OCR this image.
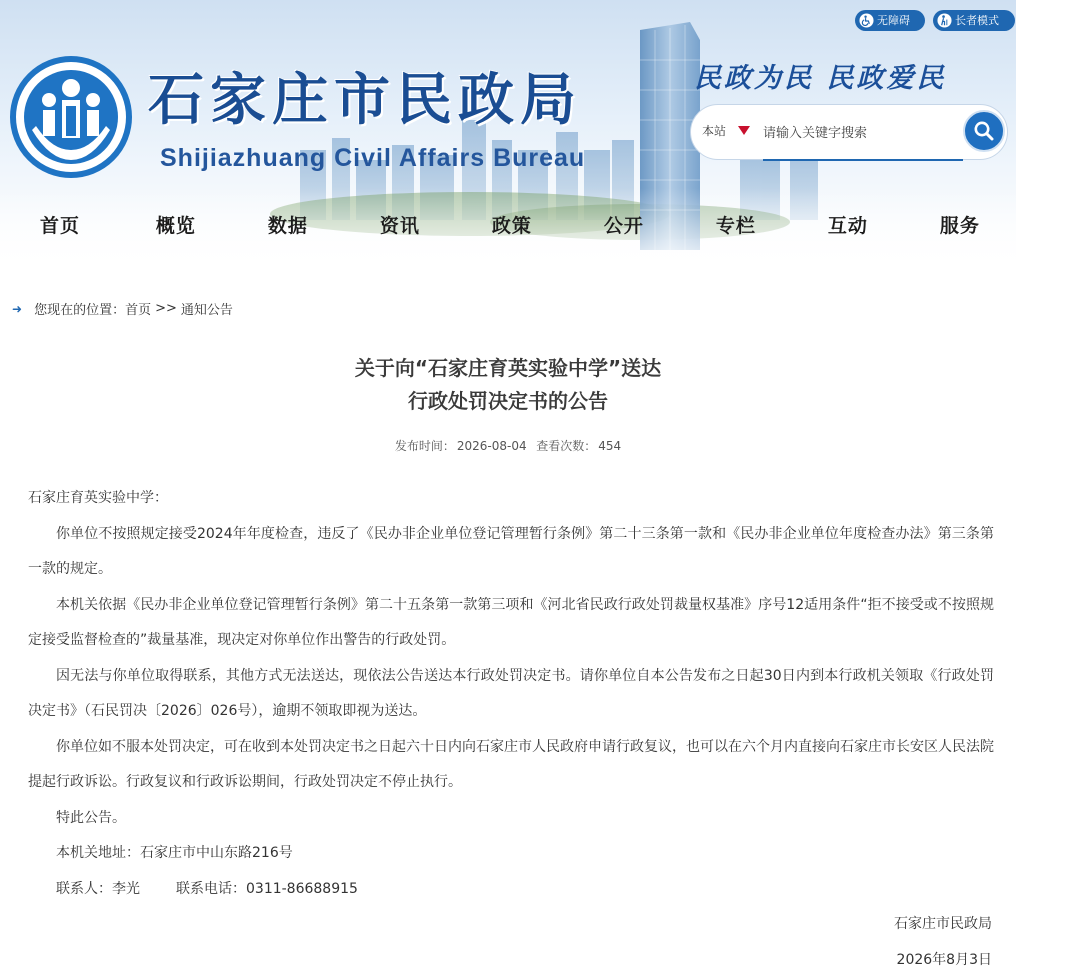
无障碍	长者模式
石家庄市民政局
Shijiazhuang Civil Affairs Bureau
民政为民 民政爱民
本站
请输入关键字搜索
首页	概览	数据	资讯	政策	公开	专栏	互动	服务
➜ 您现在的位置： 首页 >> 通知公告
关于向“石家庄育英实验中学”送达
行政处罚决定书的公告
发布时间： 2026-08-04 查看次数： 454

石家庄育英实验中学：

你单位不按照规定接受2024年年度检查，违反了《民办非企业单位登记管理暂行条例》第二十三条第一款和《民办非企业单位年度检查办法》第三条第一款的规定。

本机关依据《民办非企业单位登记管理暂行条例》第二十五条第一款第三项和《河北省民政行政处罚裁量权基准》序号12适用条件“拒不接受或不按照规定接受监督检查的”裁量基准，现决定对你单位作出警告的行政处罚。

因无法与你单位取得联系，其他方式无法送达，现依法公告送达本行政处罚决定书。请你单位自本公告发布之日起30日内到本行政机关领取《行政处罚决定书》（石民罚决〔2026〕026号），逾期不领取即视为送达。

你单位如不服本处罚决定，可在收到本处罚决定书之日起六十日内向石家庄市人民政府申请行政复议，也可以在六个月内直接向石家庄市长安区人民法院提起行政诉讼。行政复议和行政诉讼期间，行政处罚决定不停止执行。

特此公告。

本机关地址：石家庄市中山东路216号

联系人：李光	联系电话：0311-86688915

石家庄市民政局
2026年8月3日
